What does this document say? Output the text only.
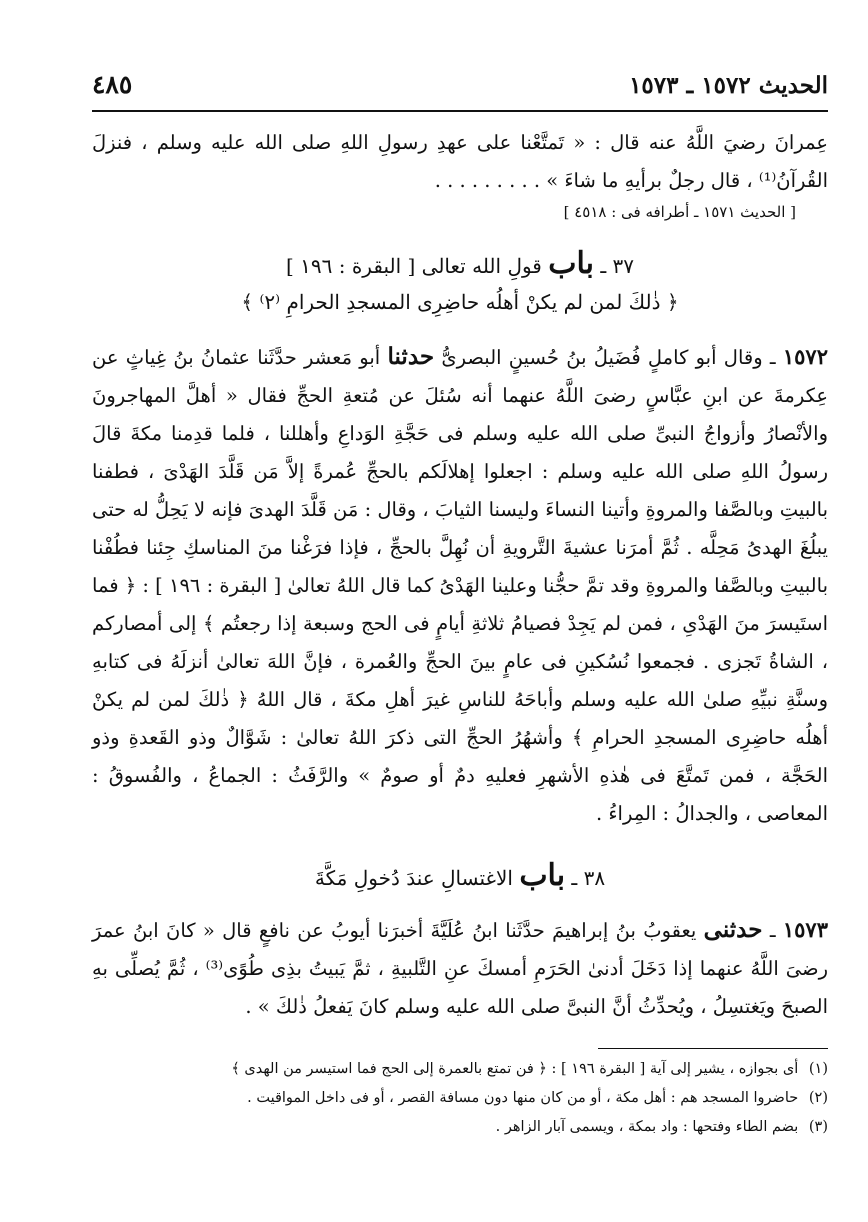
الحديث ١٥٧٢ ـ ١٥٧٣
٤٨٥

عِمرانَ رضيَ اللَّهُ عنه قال : « تَمتَّعْنا على عهدِ رسولِ اللهِ صلى الله عليه وسلم ، فنزلَ القُرآنُ⁽¹⁾ ، قال رجلٌ برأيهِ ما شاءَ » . . . . . . . . .

[ الحديث ١٥٧١ ـ أطرافه فى : ٤٥١٨ ]

٣٧ ـ باب قولِ الله تعالى [ البقرة : ١٩٦ ]

﴿ ذٰلكَ لمن لم يكنْ أهلُه حاضِرِى المسجدِ الحرامِ ⁽٢⁾ ﴾

١٥٧٢ ـ وقال أبو كاملٍ فُضَيلُ بنُ حُسينٍ البصرىُّ حدثنا أبو مَعشر حدَّثَنا عثمانُ بنُ غِياثٍ عن عِكرمةَ عن ابنِ عبَّاسٍ رضىَ اللَّهُ عنهما أنه سُئلَ عن مُتعةِ الحجِّ فقال « أهلَّ المهاجرونَ والأنْصارُ وأزواجُ النبىِّ صلى الله عليه وسلم فى حَجَّةِ الوَداعِ وأهللنا ، فلما قدِمنا مكةَ قالَ رسولُ اللهِ صلى الله عليه وسلم : اجعلوا إهلالَكم بالحجِّ عُمرةً إلاَّ مَن قَلَّدَ الهَدْىَ ، فطفنا بالبيتِ وبالصَّفا والمروةِ وأتينا النساءَ وليسنا الثيابَ ، وقال : مَن قَلَّدَ الهدىَ فإنه لا يَحِلُّ له حتى يبلُغَ الهدىُ مَحِلَّه . ثُمَّ أمرَنا عشيةَ التَّرويةِ أن نُهِلَّ بالحجِّ ، فإذا فرَغْنا منَ المناسكِ جِئنا فطُفْنا بالبيتِ وبالصَّفا والمروةِ وقد تمَّ حجُّنا وعلينا الهَدْىُ كما قال اللهُ تعالىٰ [ البقرة : ١٩٦ ] : ﴿ فما استَيسرَ منَ الهَدْىِ ، فمن لم يَجِدْ فصيامُ ثلاثةِ أيامٍ فى الحج وسبعة إذا رجعتُم ﴾ إلى أمصاركم ، الشاةُ تَجزى . فجمعوا نُسُكينِ فى عامٍ بينَ الحجِّ والعُمرة ، فإنَّ اللهَ تعالىٰ أنزلَهُ فى كتابهِ وسنَّةِ نبيِّهِ صلىٰ الله عليه وسلم وأباحَهُ للناسِ غيرَ أهلِ مكةَ ، قال اللهُ ﴿ ذٰلكَ لمن لم يكنْ أهلُه حاضِرِى المسجدِ الحرامِ ﴾ وأشهُرُ الحجِّ التى ذكرَ اللهُ تعالىٰ : شَوَّالٌ وذو القَعدةِ وذو الحَجَّة ، فمن تَمتَّعَ فى هٰذهِ الأشهرِ فعليهِ دمٌ أو صومٌ » والرَّفَثُ : الجماعُ ، والفُسوقُ : المعاصى ، والجدالُ : المِراءُ .

٣٨ ـ باب الاغتسالِ عندَ دُخولِ مَكَّةَ

١٥٧٣ ـ حدثنى يعقوبُ بنُ إبراهيمَ حدَّثَنا ابنُ عُلَيَّةَ أخبرَنا أيوبُ عن نافعٍ قال « كانَ ابنُ عمرَ رضىَ اللَّهُ عنهما إذا دَخَلَ أدنىٰ الحَرَمِ أمسكَ عنِ التَّلبيةِ ، ثمَّ يَبيتُ بذِى طُوًى⁽³⁾ ، ثُمَّ يُصلِّى بهِ الصبحَ ويَغتسِلُ ، ويُحدِّثُ أنَّ النبىَّ صلى الله عليه وسلم كانَ يَفعلُ ذٰلكَ » .

(١) أى بجوازه ، يشير إلى آية [ البقرة ١٩٦ ] : ﴿ فن تمتع بالعمرة إلى الحج فما استيسر من الهدى ﴾

(٢) حاضروا المسجد هم : أهل مكة ، أو من كان منها دون مسافة القصر ، أو فى داخل المواقيت .

(٣) بضم الطاء وفتحها : واد بمكة ، ويسمى آبار الزاهر .
